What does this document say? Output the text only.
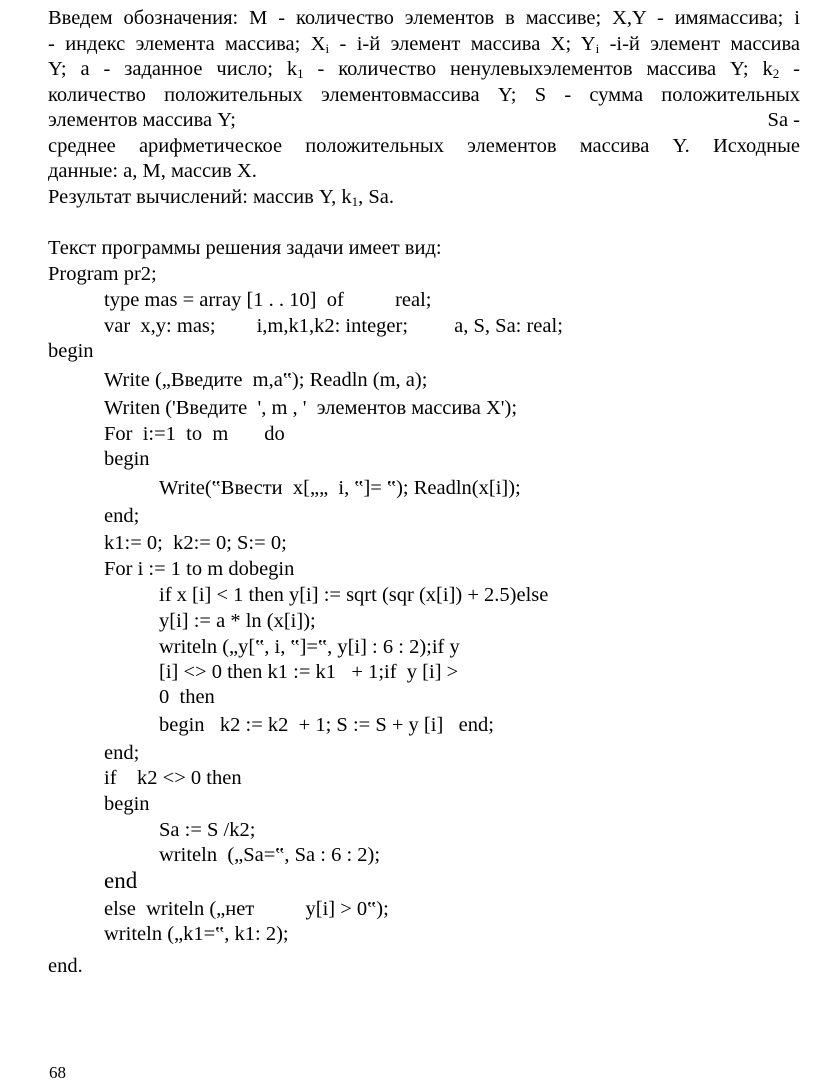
Введем обозначения: M - количество элементов в массиве; X,Y - имямассива; i
- индекс элемента массива; $X_i - i-й$ элемент массива X; $Y_i$ -i-й элемент массива
Y; a - заданное число; $k_1$ - количество ненулевыхэлементов массива Y; $k_2$ -
количество положительных элементовмассива Y; S - сумма положительных
элементов массива Y;	Sa -
среднее арифметическое положительных элементов массива Y. Исходные
данные: a, M, массив X.
Результат вычислений: массив Y, $k_1$, Sa.
Текст программы решения задачи имеет вид:
Program pr2;
type mas = array [1 . . 10]  of          real;
var  x,y: mas;        i,m,k1,k2: integer;         a, S, Sa: real;
begin
Write („Введите  m,a‟); Readln (m, a);
Writen ('Введите  ', m , '  элементов массива X');
For  i:=1  to  m       do
begin
Write(‟Ввести  x[„„  i, ‟]= ‟); Readln(x[i]);
end;
k1:= 0;  k2:= 0; S:= 0;
For i := 1 to m dobegin
if x [i] < 1 then y[i] := sqrt (sqr (x[i]) + 2.5)else
y[i] := a * ln (x[i]);
writeln („y[‟, i, ‟]=‟, y[i] : 6 : 2);if y
[i] <> 0 then k1 := k1   + 1;if  y [i] >
0  then
begin   k2 := k2  + 1; S := S + y [i]   end;
end;
if    k2 <> 0 then
begin
Sa := S /k2;
writeln  („Sa=‟, Sa : 6 : 2);
end
else  writeln („нет          y[i] > 0‟);
writeln („k1=‟, k1: 2);
end.
68
